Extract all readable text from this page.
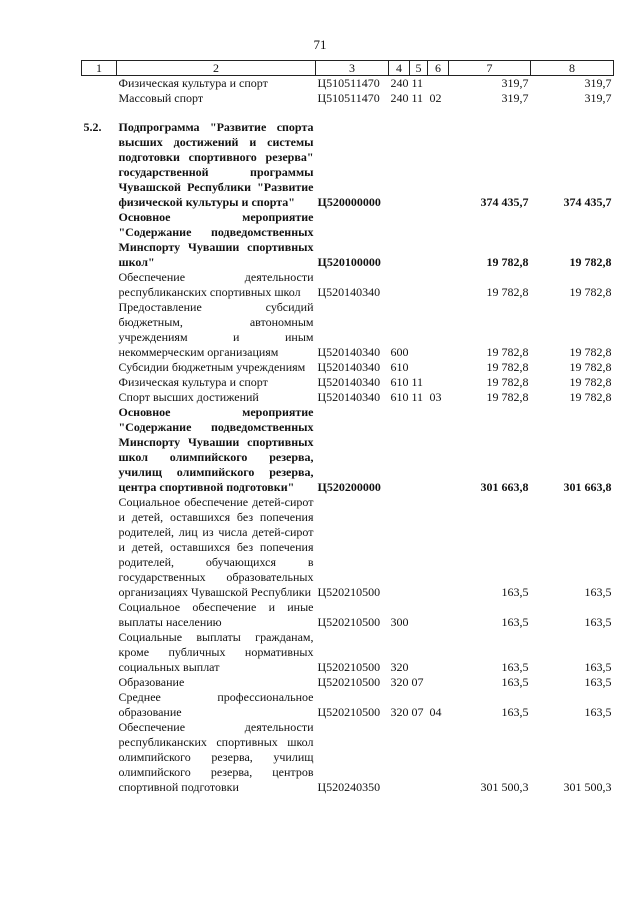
71
1	2	3	4	5	6	7	8
	Физическая культура и спорт	Ц510511470	240	11		319,7	319,7
	Массовый спорт	Ц510511470	240	11	02	319,7	319,7

5.2.	Подпрограмма "Развитие спорта высших достижений и системы подготовки спортивного резерва" государственной программы Чувашской Республики "Развитие физической культуры и спорта"	Ц520000000				374 435,7	374 435,7
	Основное мероприятие "Содержание подведомственных Минспорту Чувашии спортивных школ"	Ц520100000				19 782,8	19 782,8
	Обеспечение деятельности республиканских спортивных школ	Ц520140340				19 782,8	19 782,8
	Предоставление субсидий бюджетным, автономным учреждениям и иным некоммерческим организациям	Ц520140340	600			19 782,8	19 782,8
	Субсидии бюджетным учреждениям	Ц520140340	610			19 782,8	19 782,8
	Физическая культура и спорт	Ц520140340	610	11		19 782,8	19 782,8
	Спорт высших достижений	Ц520140340	610	11	03	19 782,8	19 782,8
	Основное мероприятие "Содержание подведомственных Минспорту Чувашии спортивных школ олимпийского резерва, училищ олимпийского резерва, центра спортивной подготовки"	Ц520200000				301 663,8	301 663,8
	Социальное обеспечение детей-сирот и детей, оставшихся без попечения родителей, лиц из числа детей-сирот и детей, оставшихся без попечения родителей, обучающихся в государственных образовательных организациях Чувашской Республики	Ц520210500				163,5	163,5
	Социальное обеспечение и иные выплаты населению	Ц520210500	300			163,5	163,5
	Социальные выплаты гражданам, кроме публичных нормативных социальных выплат	Ц520210500	320			163,5	163,5
	Образование	Ц520210500	320	07		163,5	163,5
	Среднее профессиональное образование	Ц520210500	320	07	04	163,5	163,5
	Обеспечение деятельности республиканских спортивных школ олимпийского резерва, училищ олимпийского резерва, центров спортивной подготовки	Ц520240350				301 500,3	301 500,3
